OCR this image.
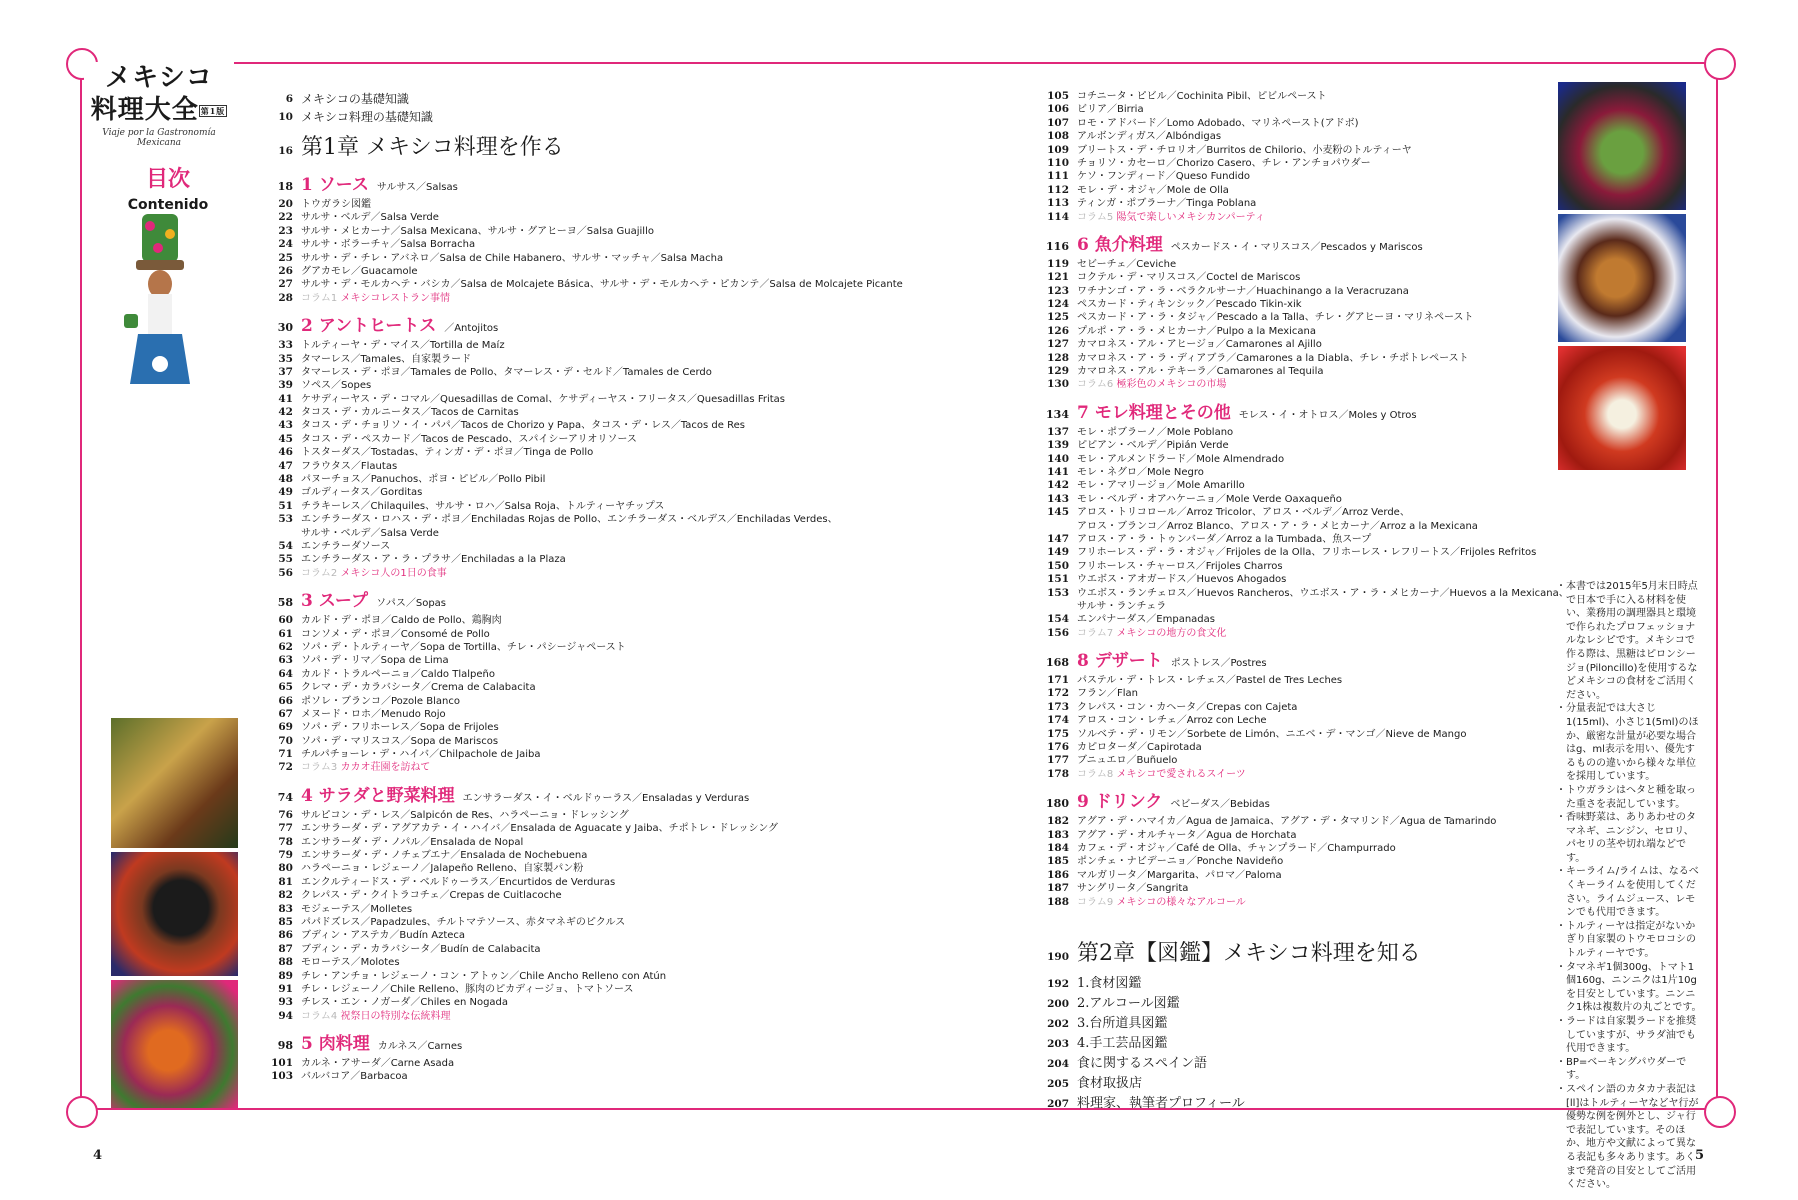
メキシコ
料理大全 第1版
Viaje por la Gastronomía Mexicana
目次
Contenido
6 メキシコの基礎知識
10 メキシコ料理の基礎知識
16 第1章 メキシコ料理を作る
18 1 ソース サルサス／Salsas
20 トウガラシ図鑑
22 サルサ・ベルデ／Salsa Verde
23 サルサ・メヒカーナ／Salsa Mexicana、サルサ・グアヒーヨ／Salsa Guajillo
24 サルサ・ボラーチャ／Salsa Borracha
25 サルサ・デ・チレ・アバネロ／Salsa de Chile Habanero、サルサ・マッチャ／Salsa Macha
26 グアカモレ／Guacamole
27 サルサ・デ・モルカヘテ・バシカ／Salsa de Molcajete Básica、サルサ・デ・モルカヘテ・ピカンテ／Salsa de Molcajete Picante
28 コラム1 メキシコレストラン事情
30 2 アントヒートス ／Antojitos
33 トルティーヤ・デ・マイス／Tortilla de Maíz
35 タマーレス／Tamales、自家製ラード
37 タマーレス・デ・ポヨ／Tamales de Pollo、タマーレス・デ・セルド／Tamales de Cerdo
39 ソペス／Sopes
41 ケサディーヤス・デ・コマル／Quesadillas de Comal、ケサディーヤス・フリータス／Quesadillas Fritas
42 タコス・デ・カルニータス／Tacos de Carnitas
43 タコス・デ・チョリソ・イ・パパ／Tacos de Chorizo y Papa、タコス・デ・レス／Tacos de Res
45 タコス・デ・ペスカード／Tacos de Pescado、スパイシーアリオリソース
46 トスターダス／Tostadas、ティンガ・デ・ポヨ／Tinga de Pollo
47 フラウタス／Flautas
48 パヌーチョス／Panuchos、ポヨ・ピビル／Pollo Pibil
49 ゴルディータス／Gorditas
51 チラキーレス／Chilaquiles、サルサ・ロハ／Salsa Roja、トルティーヤチップス
53 エンチラーダス・ロハス・デ・ポヨ／Enchiladas Rojas de Pollo、エンチラーダス・ベルデス／Enchiladas Verdes、
サルサ・ベルデ／Salsa Verde
54 エンチラーダソース
55 エンチラーダス・ア・ラ・プラサ／Enchiladas a la Plaza
56 コラム2 メキシコ人の1日の食事
58 3 スープ ソパス／Sopas
60 カルド・デ・ポヨ／Caldo de Pollo、鶏胸肉
61 コンソメ・デ・ポヨ／Consomé de Pollo
62 ソパ・デ・トルティーヤ／Sopa de Tortilla、チレ・パシージャペースト
63 ソパ・デ・リマ／Sopa de Lima
64 カルド・トラルペーニョ／Caldo Tlalpeño
65 クレマ・デ・カラバシータ／Crema de Calabacita
66 ポソレ・ブランコ／Pozole Blanco
67 メヌード・ロホ／Menudo Rojo
69 ソパ・デ・フリホーレス／Sopa de Frijoles
70 ソパ・デ・マリスコス／Sopa de Mariscos
71 チルパチョーレ・デ・ハイバ／Chilpachole de Jaiba
72 コラム3 カカオ荘園を訪ねて
74 4 サラダと野菜料理 エンサラーダス・イ・ベルドゥーラス／Ensaladas y Verduras
76 サルピコン・デ・レス／Salpicón de Res、ハラペーニョ・ドレッシング
77 エンサラーダ・デ・アグアカテ・イ・ハイバ／Ensalada de Aguacate y Jaiba、チポトレ・ドレッシング
78 エンサラーダ・デ・ノパル／Ensalada de Nopal
79 エンサラーダ・デ・ノチェブエナ／Ensalada de Nochebuena
80 ハラペーニョ・レジェーノ／Jalapeño Relleno、自家製パン粉
81 エンクルティードス・デ・ベルドゥーラス／Encurtidos de Verduras
82 クレパス・デ・クイトラコチェ／Crepas de Cuitlacoche
83 モジェーテス／Molletes
85 パパドズレス／Papadzules、チルトマテソース、赤タマネギのピクルス
86 ブディン・アステカ／Budín Azteca
87 ブディン・デ・カラバシータ／Budín de Calabacita
88 モローテス／Molotes
89 チレ・アンチョ・レジェーノ・コン・アトゥン／Chile Ancho Relleno con Atún
91 チレ・レジェーノ／Chile Relleno、豚肉のピカディージョ、トマトソース
93 チレス・エン・ノガーダ／Chiles en Nogada
94 コラム4 祝祭日の特別な伝統料理
98 5 肉料理 カルネス／Carnes
101 カルネ・アサーダ／Carne Asada
103 バルバコア／Barbacoa
105 コチニータ・ピビル／Cochinita Pibil、ピビルペースト
106 ビリア／Birria
107 ロモ・アドバード／Lomo Adobado、マリネペースト(アドボ)
108 アルボンディガス／Albóndigas
109 ブリートス・デ・チロリオ／Burritos de Chilorio、小麦粉のトルティーヤ
110 チョリソ・カセーロ／Chorizo Casero、チレ・アンチョパウダー
111 ケソ・フンディード／Queso Fundido
112 モレ・デ・オジャ／Mole de Olla
113 ティンガ・ポブラーナ／Tinga Poblana
114 コラム5 陽気で楽しいメキシカンパーティ
116 6 魚介料理 ペスカードス・イ・マリスコス／Pescados y Mariscos
119 セビーチェ／Ceviche
121 コクテル・デ・マリスコス／Coctel de Mariscos
123 ワチナンゴ・ア・ラ・ベラクルサーナ／Huachinango a la Veracruzana
124 ペスカード・ティキンシック／Pescado Tikin-xik
125 ペスカード・ア・ラ・タジャ／Pescado a la Talla、チレ・グアヒーヨ・マリネペースト
126 プルポ・ア・ラ・メヒカーナ／Pulpo a la Mexicana
127 カマロネス・アル・アヒージョ／Camarones al Ajillo
128 カマロネス・ア・ラ・ディアブラ／Camarones a la Diabla、チレ・チポトレペースト
129 カマロネス・アル・テキーラ／Camarones al Tequila
130 コラム6 極彩色のメキシコの市場
134 7 モレ料理とその他 モレス・イ・オトロス／Moles y Otros
137 モレ・ポブラーノ／Mole Poblano
139 ピピアン・ベルデ／Pipián Verde
140 モレ・アルメンドラード／Mole Almendrado
141 モレ・ネグロ／Mole Negro
142 モレ・アマリージョ／Mole Amarillo
143 モレ・ベルデ・オアハケーニョ／Mole Verde Oaxaqueño
145 アロス・トリコロール／Arroz Tricolor、アロス・ベルデ／Arroz Verde、
アロス・ブランコ／Arroz Blanco、アロス・ア・ラ・メヒカーナ／Arroz a la Mexicana
147 アロス・ア・ラ・トゥンバーダ／Arroz a la Tumbada、魚スープ
149 フリホーレス・デ・ラ・オジャ／Frijoles de la Olla、フリホーレス・レフリートス／Frijoles Refritos
150 フリホーレス・チャーロス／Frijoles Charros
151 ウエボス・アオガードス／Huevos Ahogados
153 ウエボス・ランチェロス／Huevos Rancheros、ウエボス・ア・ラ・メヒカーナ／Huevos a la Mexicana、
サルサ・ランチェラ
154 エンパナーダス／Empanadas
156 コラム7 メキシコの地方の食文化
168 8 デザート ポストレス／Postres
171 パステル・デ・トレス・レチェス／Pastel de Tres Leches
172 フラン／Flan
173 クレパス・コン・カヘータ／Crepas con Cajeta
174 アロス・コン・レチェ／Arroz con Leche
175 ソルベテ・デ・リモン／Sorbete de Limón、ニエベ・デ・マンゴ／Nieve de Mango
176 カピロターダ／Capirotada
177 ブニュエロ／Buñuelo
178 コラム8 メキシコで愛されるスイーツ
180 9 ドリンク ベビーダス／Bebidas
182 アグア・デ・ハマイカ／Agua de Jamaica、アグア・デ・タマリンド／Agua de Tamarindo
183 アグア・デ・オルチャータ／Agua de Horchata
184 カフェ・デ・オジャ／Café de Olla、チャンプラード／Champurrado
185 ポンチェ・ナビデーニョ／Ponche Navideño
186 マルガリータ／Margarita、パロマ／Paloma
187 サングリータ／Sangrita
188 コラム9 メキシコの様々なアルコール
190 第2章【図鑑】メキシコ料理を知る
192 1.食材図鑑
200 2.アルコール図鑑
202 3.台所道具図鑑
203 4.手工芸品図鑑
204 食に関するスペイン語
205 食材取扱店
207 料理家、執筆者プロフィール
・本書では2015年5月末日時点で日本で手に入る材料を使い、業務用の調理器具と環境で作られたプロフェッショナルなレシピです。メキシコで作る際は、黒糖はピロンシージョ(Piloncillo)を使用するなどメキシコの食材をご活用ください。
・分量表記では大さじ1(15ml)、小さじ1(5ml)のほか、厳密な計量が必要な場合はg、ml表示を用い、優先するものの違いから様々な単位を採用しています。
・トウガラシはヘタと種を取った重さを表記しています。
・香味野菜は、ありあわせのタマネギ、ニンジン、セロリ、パセリの茎や切れ端などです。
・キーライム/ライムは、なるべくキーライムを使用してください。ライムジュース、レモンでも代用できます。
・トルティーヤは指定がないかぎり自家製のトウモロコシのトルティーヤです。
・タマネギ1個300g、トマト1個160g、ニンニクは1片10gを目安としています。ニンニク1株は複数片の丸ごとです。
・ラードは自家製ラードを推奨していますが、サラダ油でも代用できます。
・BP=ベーキングパウダーです。
・スペイン語のカタカナ表記は[ll]はトルティーヤなどヤ行が優勢な例を例外とし、ジャ行で表記しています。そのほか、地方や文献によって異なる表記も多々あります。あくまで発音の目安としてご活用ください。
4	5
